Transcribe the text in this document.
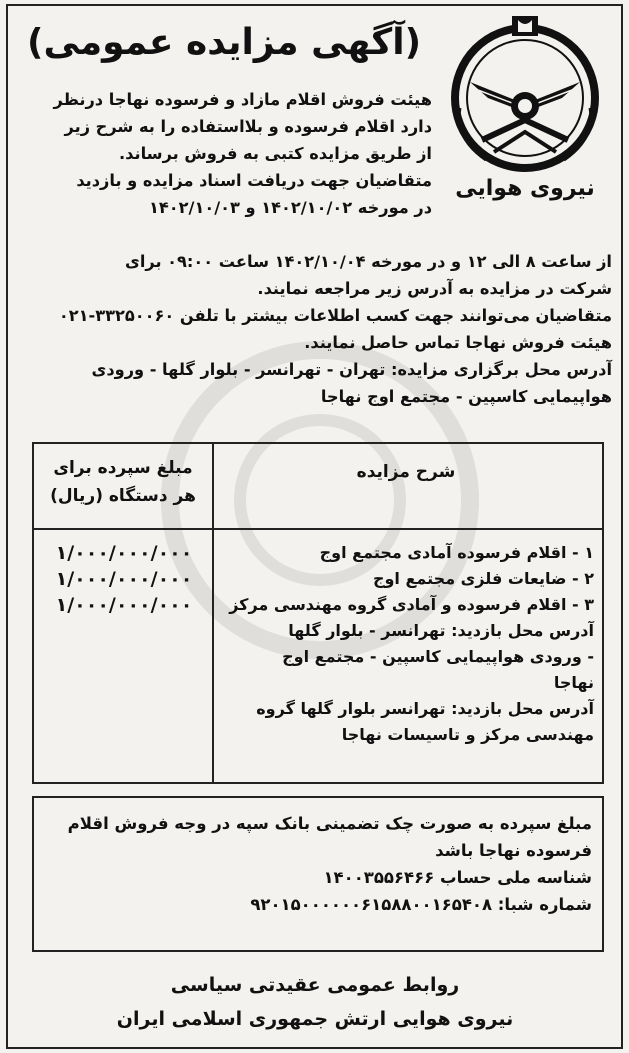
(آگهی مزایده عمومی)
نیروی هوایی

هیئت فروش اقلام مازاد و فرسوده نهاجا درنظر

دارد اقلام فرسوده و بلااستفاده را به شرح زیر

از طریق مزایده کتبی به فروش برساند.

متقاضیان جهت دریافت اسناد مزایده و بازدید

در مورخه ۱۴۰۲/۱۰/۰۲ و ۱۴۰۲/۱۰/۰۳

از ساعت ۸ الی ۱۲ و در مورخه ۱۴۰۲/۱۰/۰۴ ساعت ۰۹:۰۰ برای

شرکت در مزایده به آدرس زیر مراجعه نمایند.

متقاضیان می‌توانند جهت کسب اطلاعات بیشتر با تلفن ۳۳۲۵۰۰۶۰-۰۲۱

هیئت فروش نهاجا تماس حاصل نمایند.

آدرس محل برگزاری مزایده: تهران - تهرانسر - بلوار گلها - ورودی

هواپیمایی کاسپین - مجتمع اوج نهاجا

شرح مزایده
مبلغ سپرده برای
هر دستگاه (ریال)
۱ - اقلام فرسوده آمادی مجتمع اوج
۲ - ضایعات فلزی مجتمع اوج
۳ - اقلام فرسوده و آمادی گروه مهندسی مرکز
آدرس محل بازدید: تهرانسر - بلوار گلها
- ورودی هواپیمایی کاسپین - مجتمع اوج
نهاجا
آدرس محل بازدید: تهرانسر بلوار گلها گروه
مهندسی مرکز و تاسیسات نهاجا
۱/۰۰۰/۰۰۰/۰۰۰
۱/۰۰۰/۰۰۰/۰۰۰
۱/۰۰۰/۰۰۰/۰۰۰

مبلغ سپرده به صورت چک تضمینی بانک سپه در وجه فروش اقلام

فرسوده نهاجا باشد

شناسه ملی حساب ۱۴۰۰۳۵۵۶۴۶۶

شماره شبا: ۹۲۰۱۵۰۰۰۰۰۰۶۱۵۸۸۰۰۱۶۵۴۰۸

روابط عمومی عقیدتی سیاسی
نیروی هوایی ارتش جمهوری اسلامی ایران
